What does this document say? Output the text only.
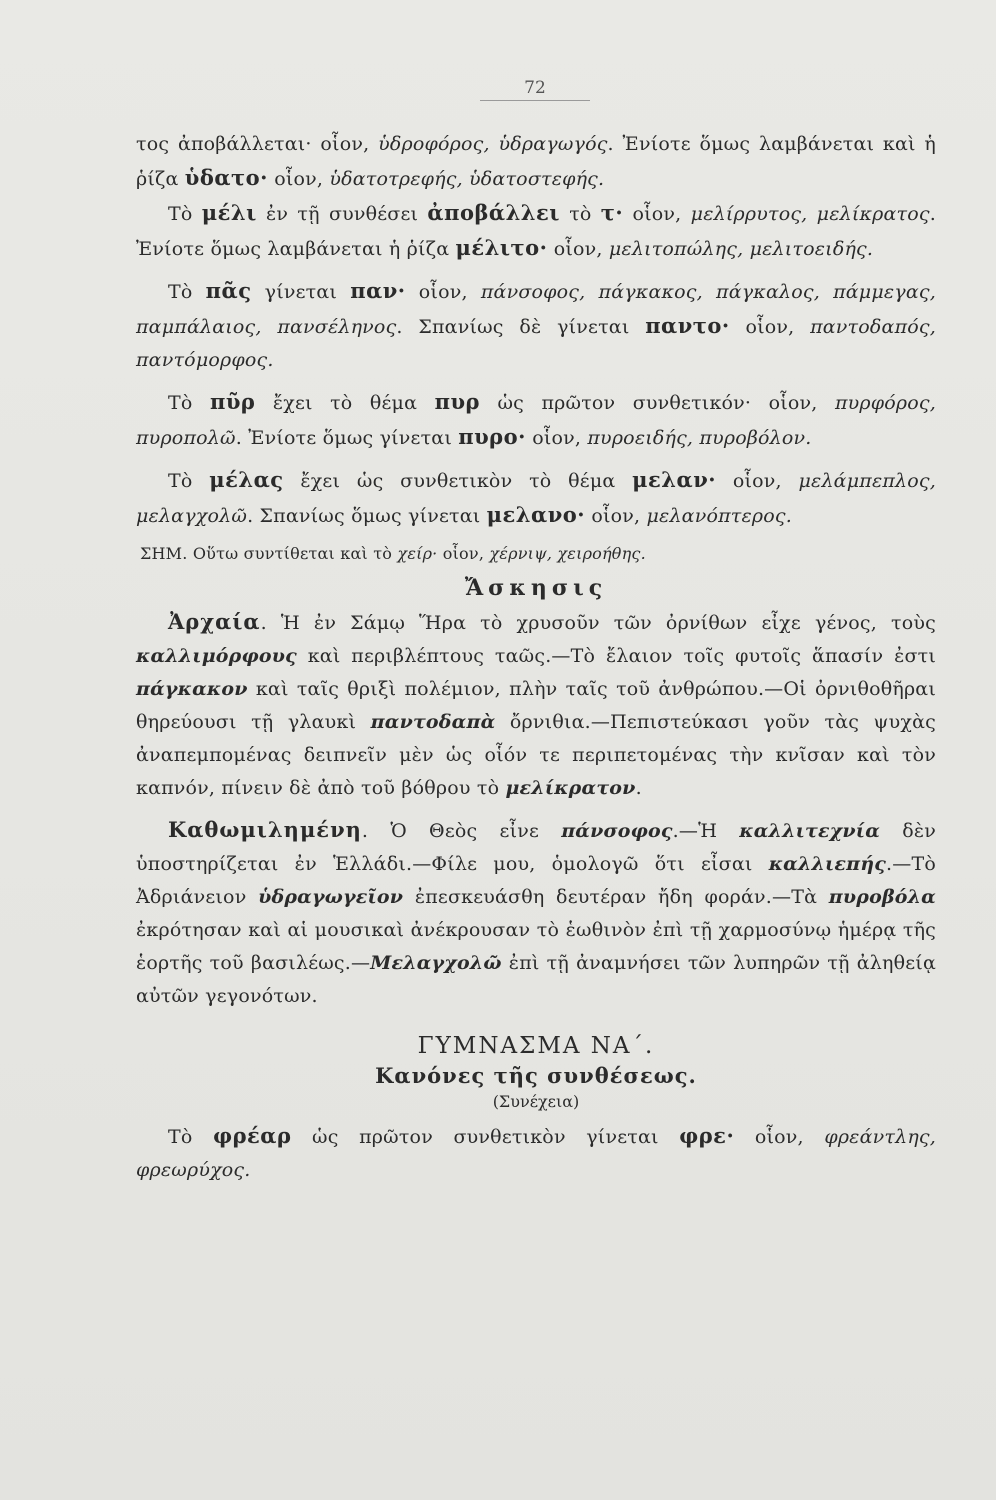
72

τος ἀποβάλλεται· οἷον, ὑδροφόρος, ὑδραγωγός. Ἐνίοτε ὅμως λαμβάνεται καὶ ἡ ῥίζα ὑδατο· οἷον, ὑδατοτρεφής, ὑδατοστεφής.

Τὸ μέλι ἐν τῇ συνθέσει ἀποβάλλει τὸ τ· οἷον, μελίρρυτος, μελίκρατος. Ἐνίοτε ὅμως λαμβάνεται ἡ ῥίζα μέλιτο· οἷον, μελιτοπώλης, μελιτοειδής.

Τὸ πᾶς γίνεται παν· οἷον, πάνσοφος, πάγκακος, πάγκαλος, πάμμεγας, παμπάλαιος, πανσέληνος. Σπανίως δὲ γίνεται παντο· οἷον, παντοδαπός, παντόμορφος.

Τὸ πῦρ ἔχει τὸ θέμα πυρ ὡς πρῶτον συνθετικόν· οἷον, πυρφόρος, πυροπολῶ. Ἐνίοτε ὅμως γίνεται πυρο· οἷον, πυροειδής, πυροβόλον.

Τὸ μέλας ἔχει ὡς συνθετικὸν τὸ θέμα μελαν· οἷον, μελάμπεπλος, μελαγχολῶ. Σπανίως ὅμως γίνεται μελανο· οἷον, μελανόπτερος.

ΣΗΜ. Οὕτω συντίθεται καὶ τὸ χείρ· οἷον, χέρνιψ, χειροήθης.

Ἄσκησις

Ἀρχαία. Ἡ ἐν Σάμῳ Ἥρα τὸ χρυσοῦν τῶν ὀρνίθων εἶχε γένος, τοὺς καλλιμόρφους καὶ περιβλέπτους ταῶς.—Τὸ ἔλαιον τοῖς φυτοῖς ἅπασίν ἐστι πάγκακον καὶ ταῖς θριξὶ πολέμιον, πλὴν ταῖς τοῦ ἀνθρώπου.—Οἱ ὀρνιθοθῆραι θηρεύουσι τῇ γλαυκὶ παντοδαπὰ ὄρνιθια.—Πεπιστεύκασι γοῦν τὰς ψυχὰς ἀναπεμπομένας δειπνεῖν μὲν ὡς οἷόν τε περιπετομένας τὴν κνῖσαν καὶ τὸν καπνόν, πίνειν δὲ ἀπὸ τοῦ βόθρου τὸ μελίκρατον.

Καθωμιλημένη. Ὁ Θεὸς εἶνε πάνσοφος.—Ἡ καλλιτεχνία δὲν ὑποστηρίζεται ἐν Ἑλλάδι.—Φίλε μου, ὁμολογῶ ὅτι εἶσαι καλλιεπής.—Τὸ Ἀδριάνειον ὑδραγωγεῖον ἐπεσκευάσθη δευτέραν ἤδη φοράν.—Τὰ πυροβόλα ἐκρότησαν καὶ αἱ μουσικαὶ ἀνέκρουσαν τὸ ἑωθινὸν ἐπὶ τῇ χαρμοσύνῳ ἡμέρᾳ τῆς ἑορτῆς τοῦ βασιλέως.—Μελαγχολῶ ἐπὶ τῇ ἀναμνήσει τῶν λυπηρῶν τῇ ἀληθείᾳ αὐτῶν γεγονότων.

ΓΥΜΝΑΣΜΑ ΝΑ΄.
Κανόνες τῆς συνθέσεως.
(Συνέχεια)

Τὸ φρέαρ ὡς πρῶτον συνθετικὸν γίνεται φρε· οἷον, φρεάντλης, φρεωρύχος.
